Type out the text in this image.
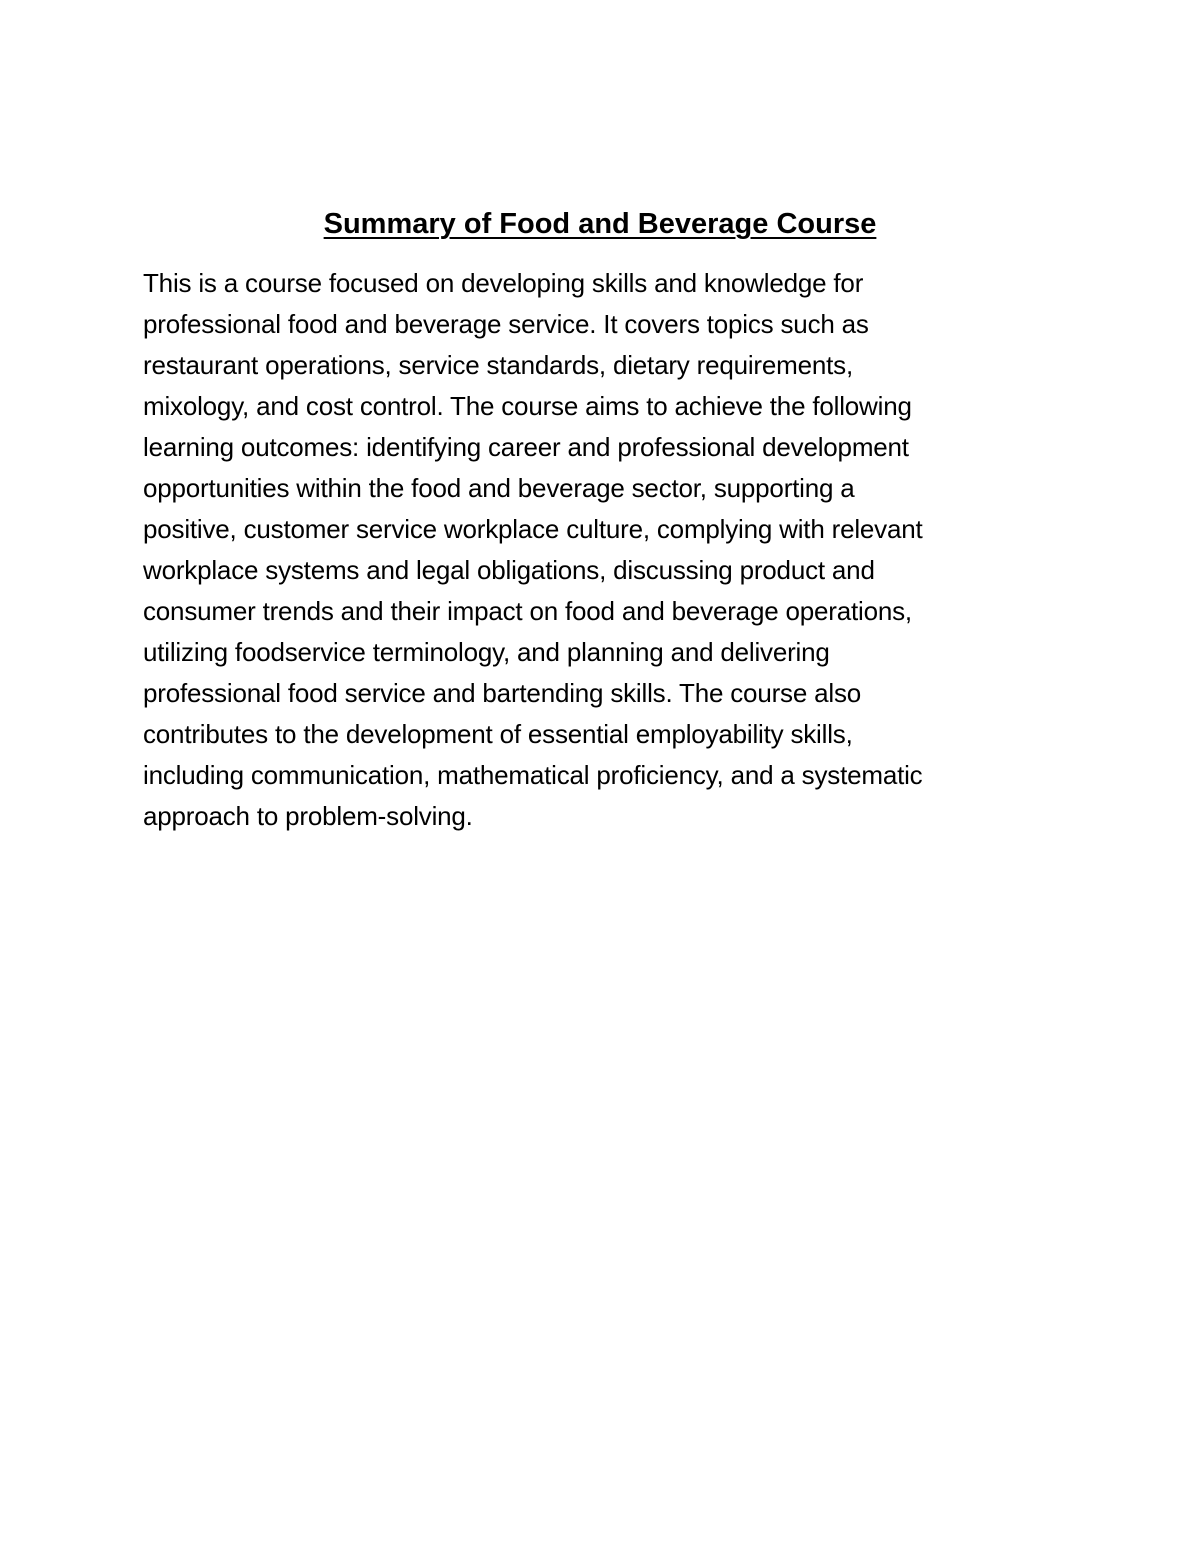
Summary of Food and Beverage Course
This is a course focused on developing skills and knowledge for
professional food and beverage service. It covers topics such as
restaurant operations, service standards, dietary requirements,
mixology, and cost control. The course aims to achieve the following
learning outcomes: identifying career and professional development
opportunities within the food and beverage sector, supporting a
positive, customer service workplace culture, complying with relevant
workplace systems and legal obligations, discussing product and
consumer trends and their impact on food and beverage operations,
utilizing foodservice terminology, and planning and delivering
professional food service and bartending skills. The course also
contributes to the development of essential employability skills,
including communication, mathematical proficiency, and a systematic
approach to problem-solving.
